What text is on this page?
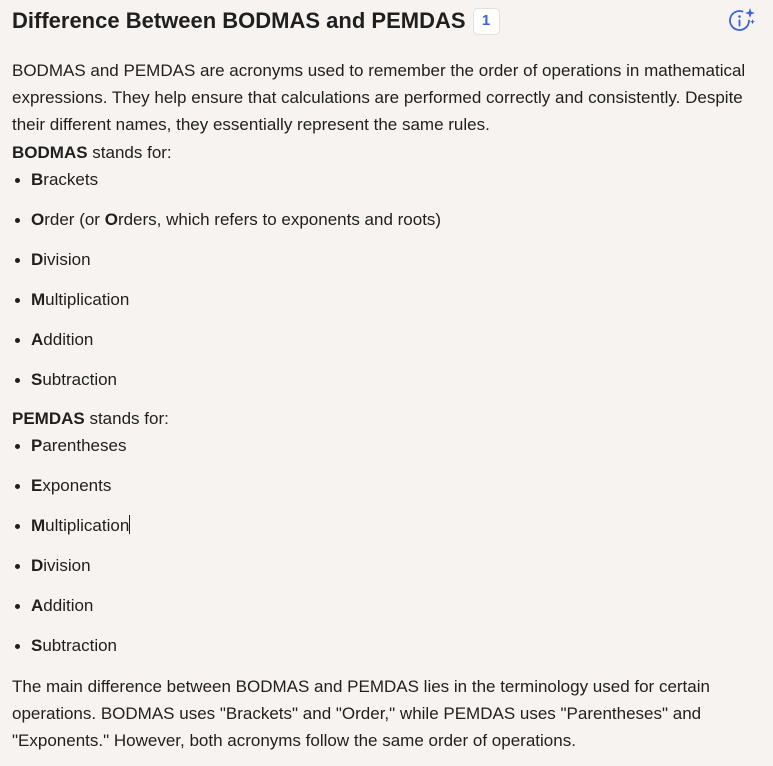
Difference Between BODMAS and PEMDAS	1

BODMAS and PEMDAS are acronyms used to remember the order of operations in mathematical expressions. They help ensure that calculations are performed correctly and consistently. Despite their different names, they essentially represent the same rules.

BODMAS stands for:
Brackets
Order (or Orders, which refers to exponents and roots)
Division
Multiplication
Addition
Subtraction
PEMDAS stands for:
Parentheses
Exponents
Multiplication
Division
Addition
Subtraction

The main difference between BODMAS and PEMDAS lies in the terminology used for certain operations. BODMAS uses "Brackets" and "Order," while PEMDAS uses "Parentheses" and "Exponents." However, both acronyms follow the same order of operations.
